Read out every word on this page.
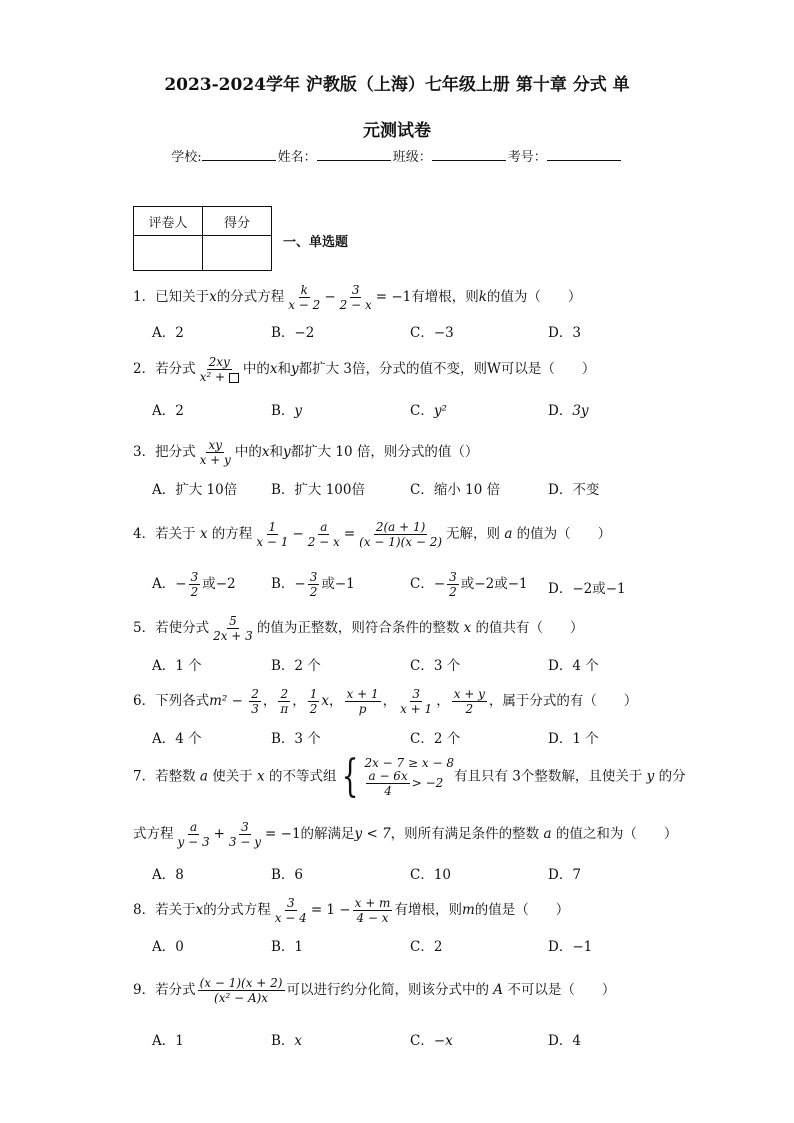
2023-2024学年 沪教版（上海）七年级上册 第十章 分式 单
元测试卷
学校:	姓名：	班级：	考号：
评卷人	得分

一、单选题
1．已知关于x的分式方程 $\frac{k}{x - 2} - \frac{3}{2 - x} = -1$有增根，则k的值为（　　）
A．2	B．−2	C．−3	D．3
2．若分式 $\frac{2xy}{\text{x² +}}$ 中的x和y都扩大 3倍，分式的值不变，则W可以是（　　）
A．2	B．y	C．y²	D．3y
3．把分式 $\frac{xy}{x + y}$ 中的x和y都扩大 10 倍，则分式的值（）
A．扩大 10倍	B．扩大 100倍	C．缩小 10 倍	D．不变
4．若关于 x 的方程 $\frac{1}{x - 1} - \frac{a}{2 - x} = \frac{2(a + 1)}{(x - 1)(x - 2)}$ 无解，则 a 的值为（　　）
A．− $\frac{3}{2}$ 或−2	B．− $\frac{3}{2}$ 或−1	C．− $\frac{3}{2}$ 或−2或−1 D．−2或−1
5．若使分式 $\frac{5}{2x + 3}$ 的值为正整数，则符合条件的整数 x 的值共有（　　）
A．1 个	B．2 个	C．3 个	D．4 个
6．下列各式$m^2 - \frac{2}{3}$ ， $\frac{2}{\pi}$ ， $\frac{1}{2}$ x， $\frac{x + 1}{p}$ ， $\frac{3}{x + 1}$ ， $\frac{x + y}{2}$ ，属于分式的有（　　）
A．4 个	B．3 个	C．2 个	D．1 个
7．若整数 a 使关于 x 的不等式组 { 2x − 7 ≥ x − 8
$\frac{a - 6x}{4} > -2$ 有且只有 3个整数解，且使关于 y 的分
式方程 $\frac{a}{y - 3} + \frac{3}{3 - y} = -1$的解满足y < 7，则所有满足条件的整数 a 的值之和为（　　）
A．8	B．6	C．10	D．7
8．若关于x的分式方程 $\frac{3}{x - 4} = 1 - \frac{x + m}{4 - x}$ 有增根，则m的值是（　　）
A．0	B．1	C．2	D．−1
9．若分式 $\frac{(x - 1)(x + 2)}{\text{(x² − A)x}}$ 可以进行约分化简，则该分式中的 A 不可以是（　　）
A．1	B．x	C．−x	D．4
